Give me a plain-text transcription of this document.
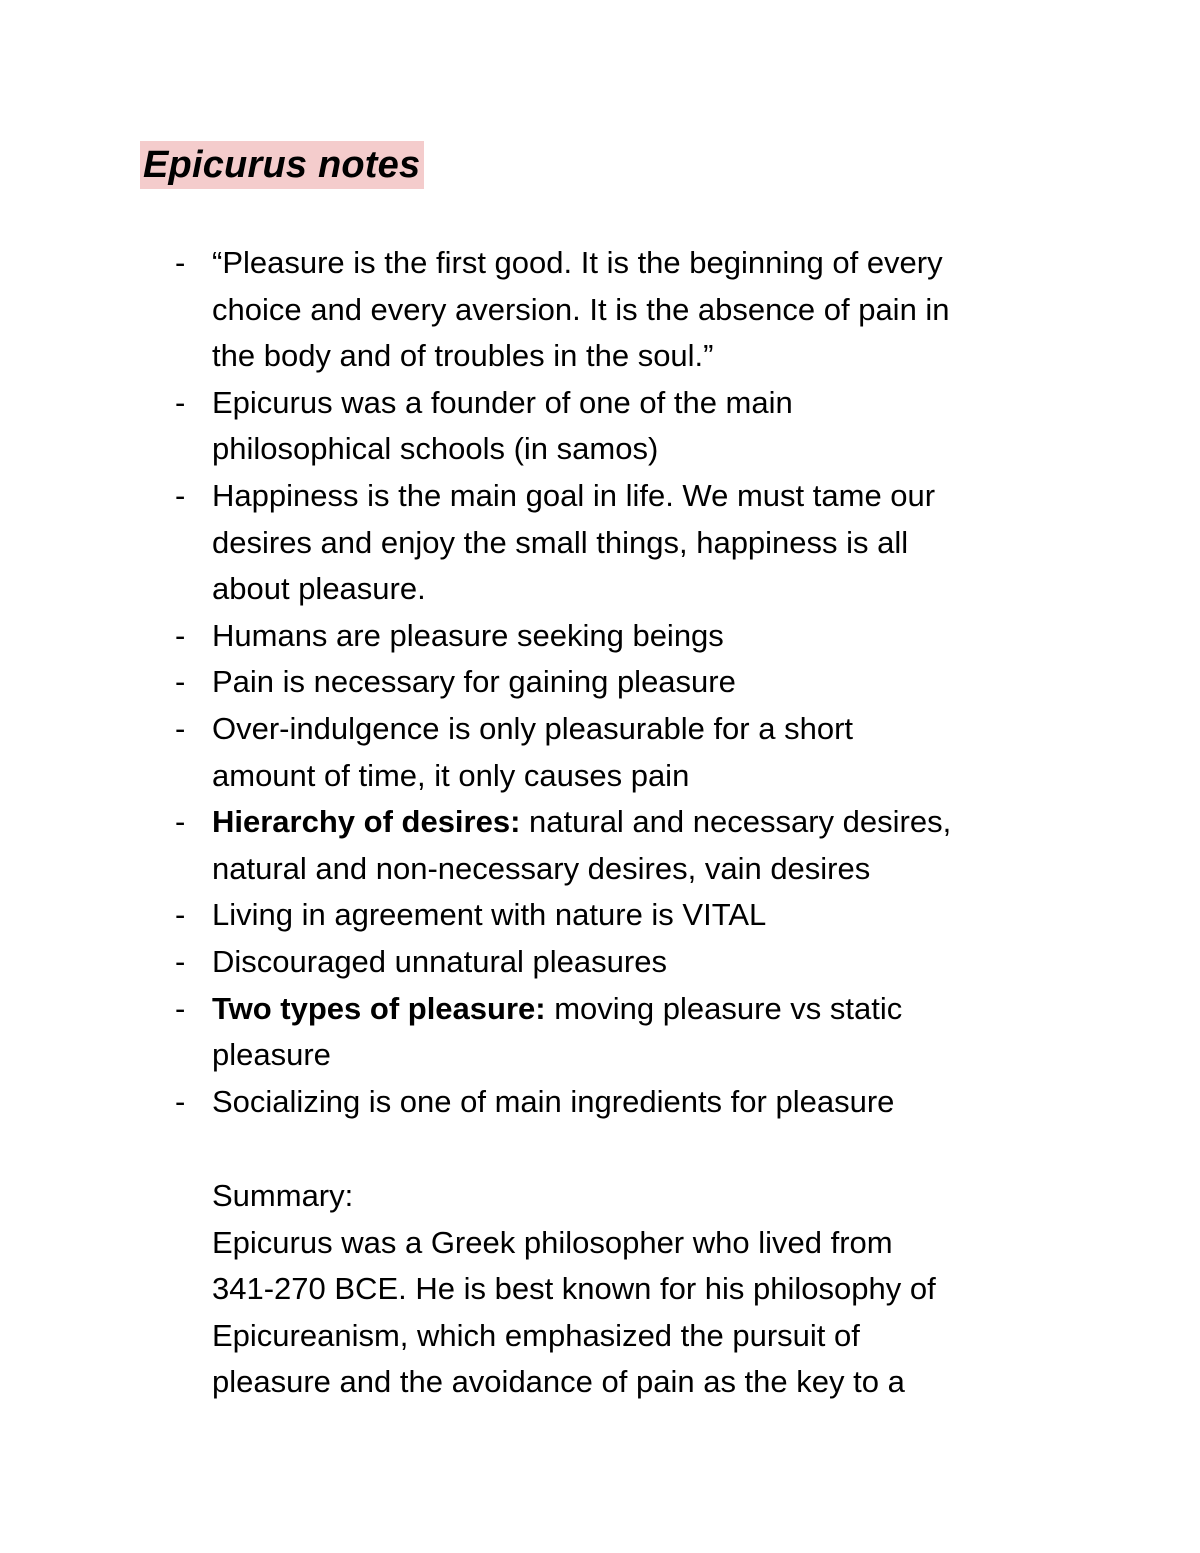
Epicurus notes
- “Pleasure is the first good. It is the beginning of every
choice and every aversion. It is the absence of pain in
the body and of troubles in the soul.”
- Epicurus was a founder of one of the main
philosophical schools (in samos)
- Happiness is the main goal in life. We must tame our
desires and enjoy the small things, happiness is all
about pleasure.
- Humans are pleasure seeking beings
- Pain is necessary for gaining pleasure
- Over-indulgence is only pleasurable for a short
amount of time, it only causes pain
- Hierarchy of desires: natural and necessary desires,
natural and non-necessary desires, vain desires
- Living in agreement with nature is VITAL
- Discouraged unnatural pleasures
- Two types of pleasure: moving pleasure vs static
pleasure
- Socializing is one of main ingredients for pleasure
Summary:
Epicurus was a Greek philosopher who lived from
341-270 BCE. He is best known for his philosophy of
Epicureanism, which emphasized the pursuit of
pleasure and the avoidance of pain as the key to a
